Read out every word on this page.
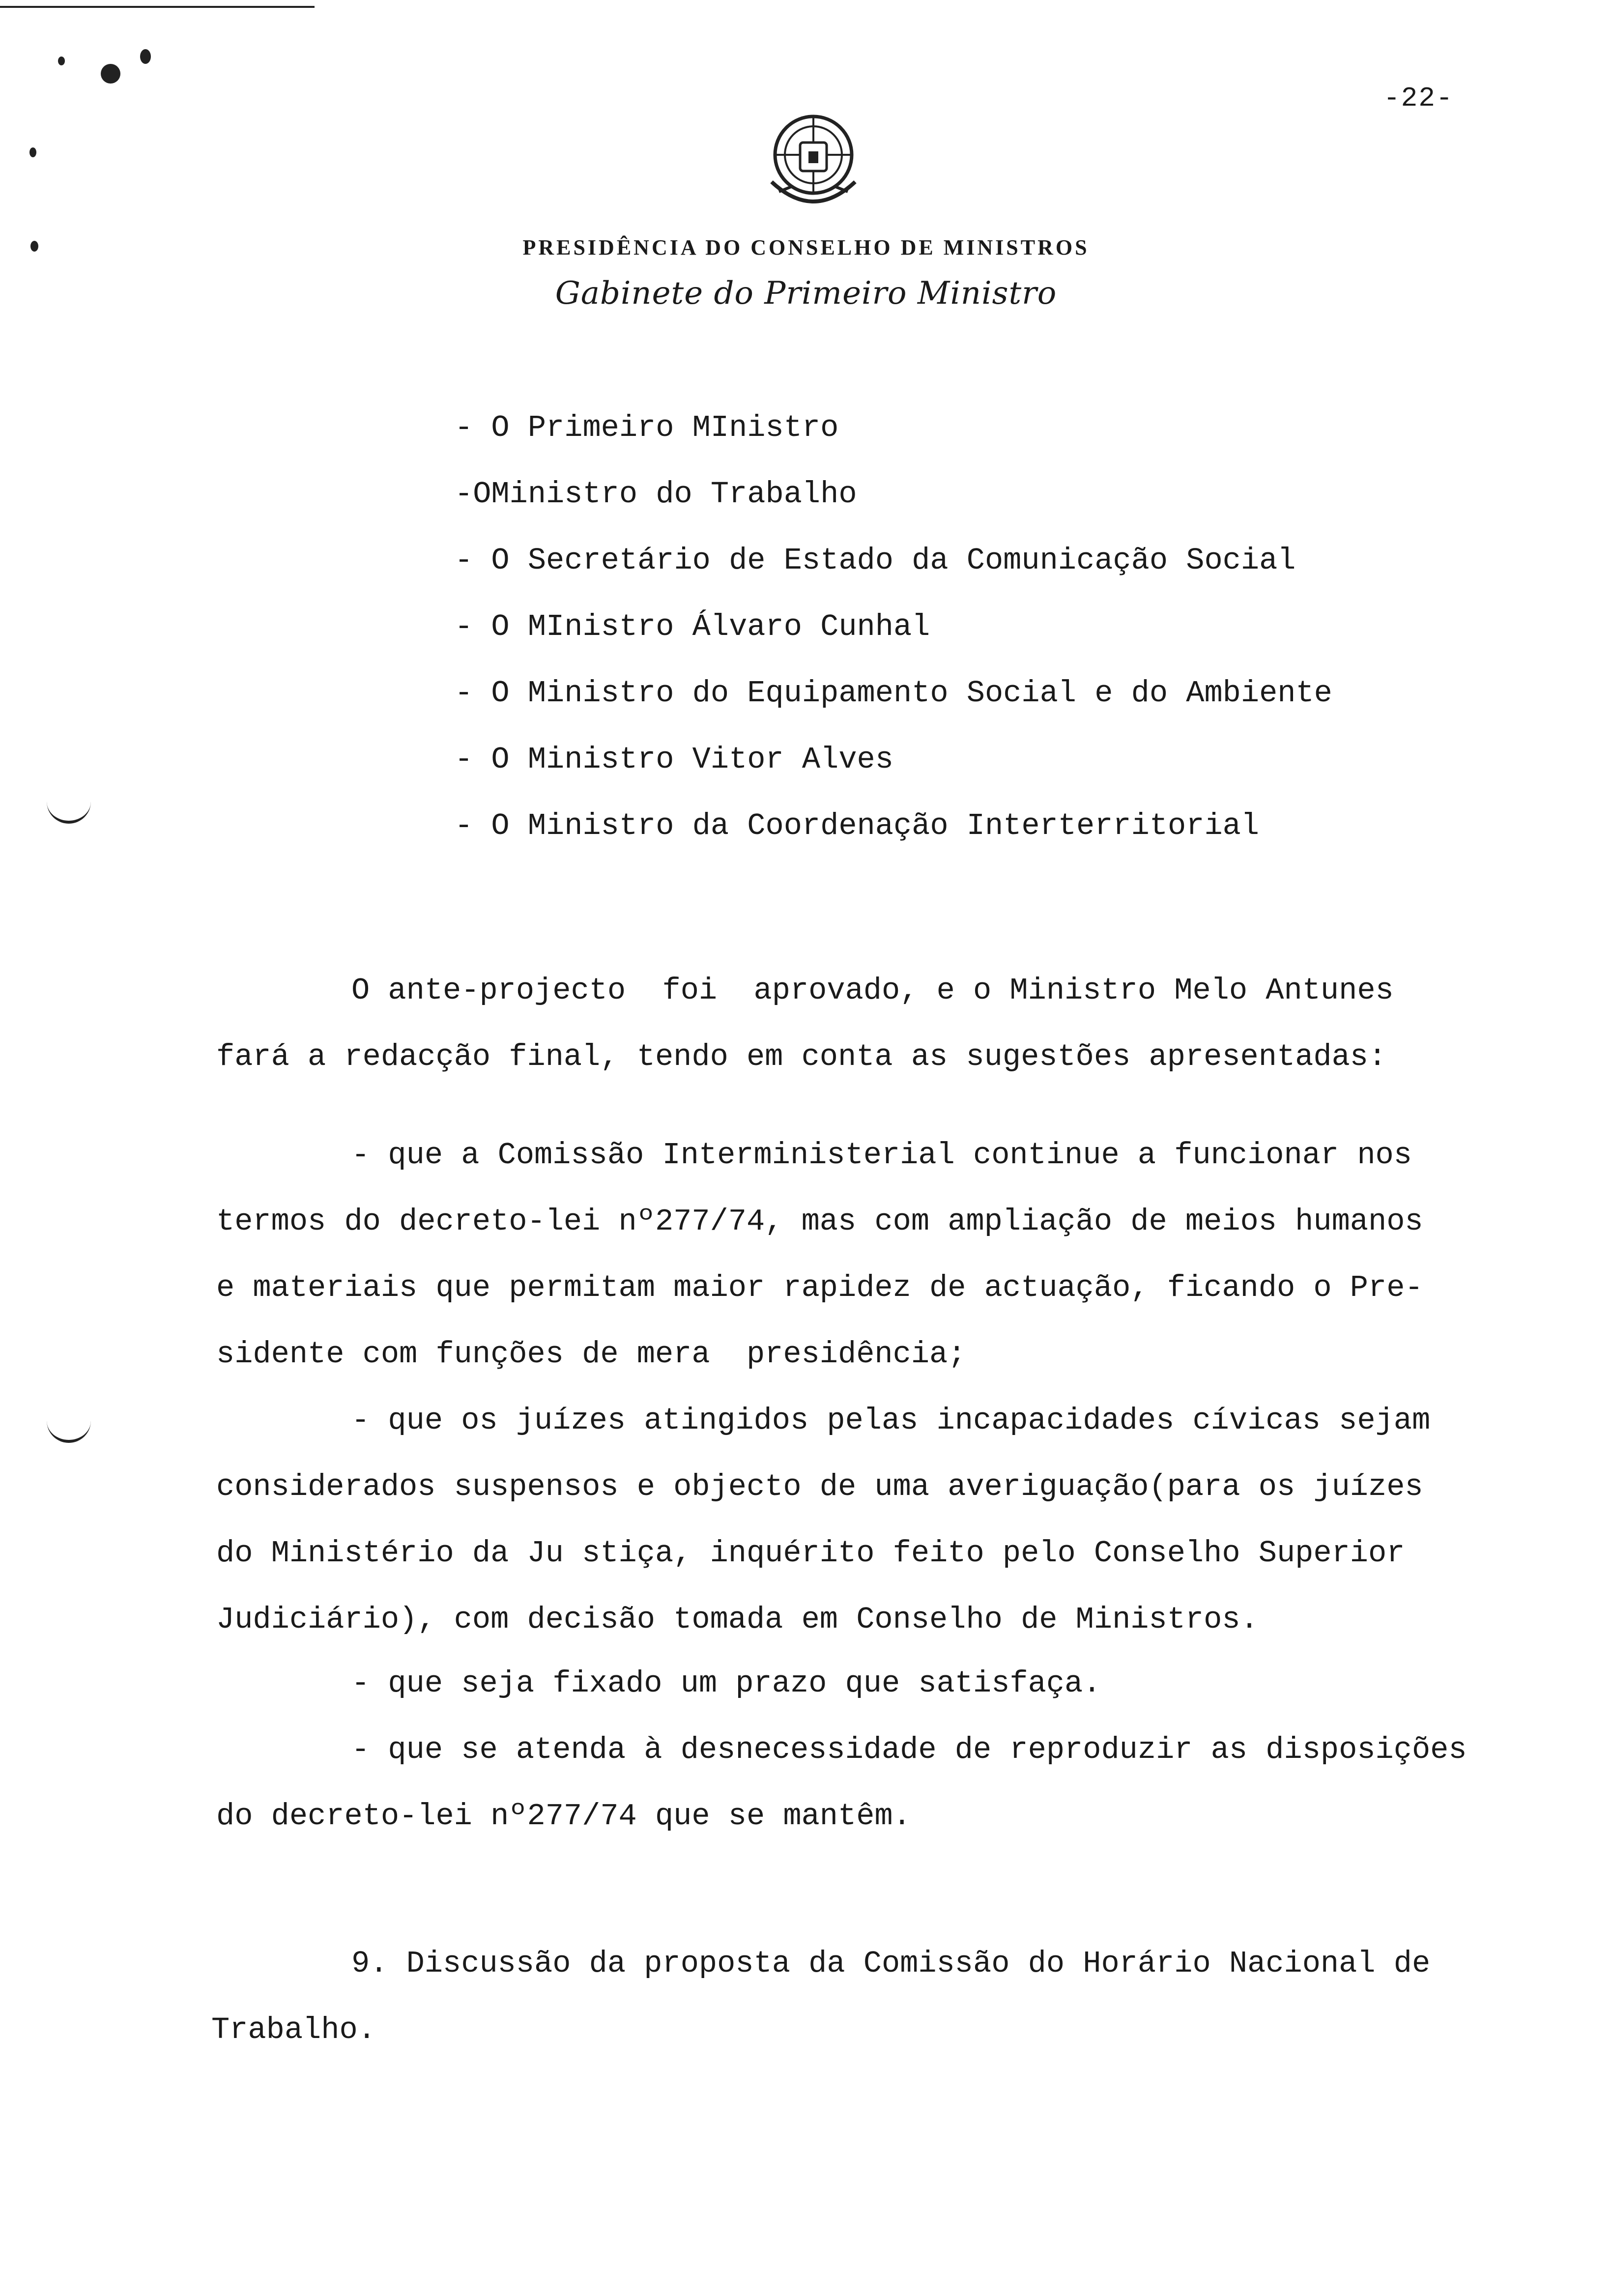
-22-
PRESIDÊNCIA DO CONSELHO DE MINISTROS
Gabinete do Primeiro Ministro
- O Primeiro MInistro
-OMinistro do Trabalho
- O Secretário de Estado da Comunicação Social
- O MInistro Álvaro Cunhal
- O Ministro do Equipamento Social e do Ambiente
- O Ministro Vitor Alves
- O Ministro da Coordenação Interterritorial
O ante-projecto  foi  aprovado, e o Ministro Melo Antunes
fará a redacção final, tendo em conta as sugestões apresentadas:
- que a Comissão Interministerial continue a funcionar nos
termos do decreto-lei nº277/74, mas com ampliação de meios humanos
e materiais que permitam maior rapidez de actuação, ficando o Pre-
sidente com funções de mera  presidência;
- que os juízes atingidos pelas incapacidades cívicas sejam
considerados suspensos e objecto de uma averiguação(para os juízes
do Ministério da Ju stiça, inquérito feito pelo Conselho Superior
Judiciário), com decisão tomada em Conselho de Ministros.
- que seja fixado um prazo que satisfaça.
- que se atenda à desnecessidade de reproduzir as disposições
do decreto-lei nº277/74 que se mantêm.
9. Discussão da proposta da Comissão do Horário Nacional de
Trabalho.
